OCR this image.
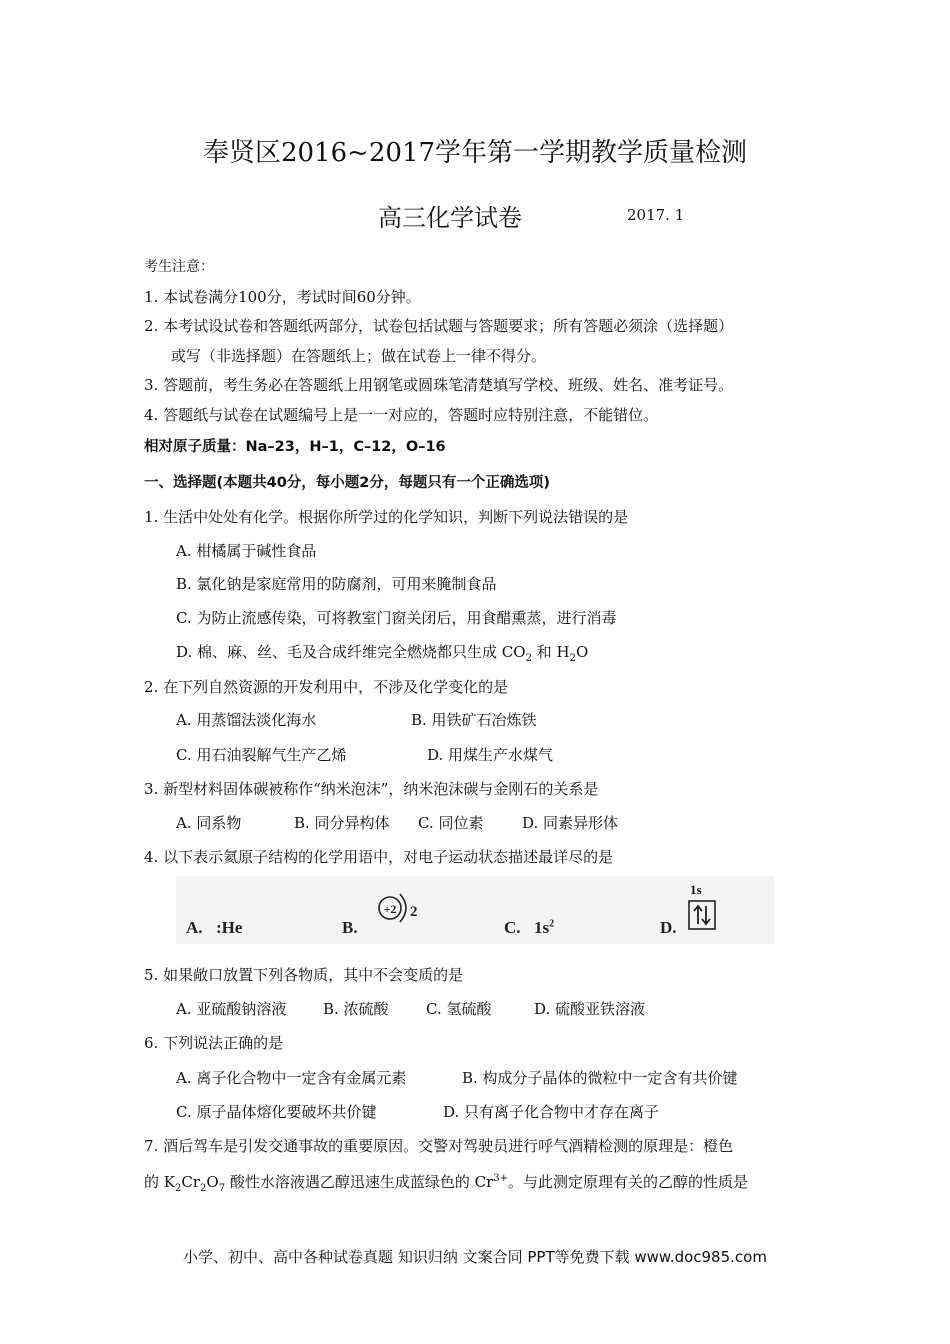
奉贤区2016~2017学年第一学期教学质量检测
高三化学试卷	2017. 1
考生注意：
1. 本试卷满分100分，考试时间60分钟。
2. 本考试设试卷和答题纸两部分，试卷包括试题与答题要求；所有答题必须涂（选择题）
或写（非选择题）在答题纸上；做在试卷上一律不得分。
3. 答题前，考生务必在答题纸上用钢笔或圆珠笔清楚填写学校、班级、姓名、准考证号。
4. 答题纸与试卷在试题编号上是一一对应的，答题时应特别注意，不能错位。
相对原子质量：Na–23，H–1，C–12，O–16
一、选择题(本题共40分，每小题2分，每题只有一个正确选项)
1. 生活中处处有化学。根据你所学过的化学知识，判断下列说法错误的是
A. 柑橘属于碱性食品
B. 氯化钠是家庭常用的防腐剂，可用来腌制食品
C. 为防止流感传染，可将教室门窗关闭后，用食醋熏蒸，进行消毒
D. 棉、麻、丝、毛及合成纤维完全燃烧都只生成 $CO_2$ 和 $H_2O$
2. 在下列自然资源的开发利用中，不涉及化学变化的是
A. 用蒸馏法淡化海水	B. 用铁矿石冶炼铁
C. 用石油裂解气生产乙烯	D. 用煤生产水煤气
3. 新型材料固体碳被称作“纳米泡沫”，纳米泡沫碳与金刚石的关系是
A. 同系物	B. 同分异构体 C. 同位素	D. 同素异形体
4. 以下表示氦原子结构的化学用语中，对电子运动状态描述最详尽的是
A. :He	B.
+2 2
C. $1s^2$	D.
1s
5. 如果敞口放置下列各物质，其中不会变质的是
A. 亚硫酸钠溶液 B. 浓硫酸 C. 氢硫酸	D. 硫酸亚铁溶液
6. 下列说法正确的是
A. 离子化合物中一定含有金属元素	B. 构成分子晶体的微粒中一定含有共价键
C. 原子晶体熔化要破坏共价键	D. 只有离子化合物中才存在离子
7. 酒后驾车是引发交通事故的重要原因。交警对驾驶员进行呼气酒精检测的原理是：橙色
的 $K_2Cr_2O_7$ 酸性水溶液遇乙醇迅速生成蓝绿色的 $Cr^{3+}$。与此测定原理有关的乙醇的性质是
小学、初中、高中各种试卷真题 知识归纳 文案合同 PPT等免费下载 www.doc985.com
